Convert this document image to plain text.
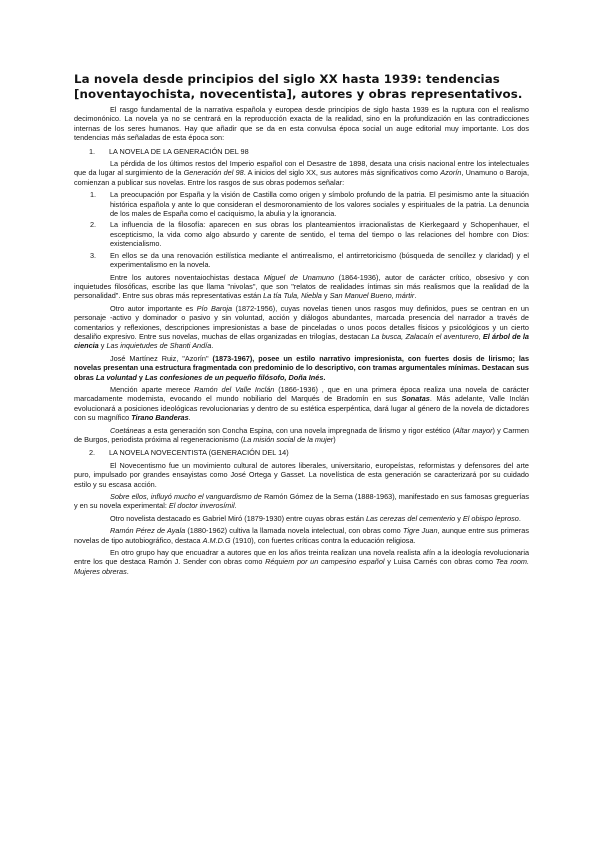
La novela desde principios del siglo XX hasta 1939: tendencias [noventayochista, novecentista], autores y obras representativos.

El rasgo fundamental de la narrativa española y europea desde principios de siglo hasta 1939 es la ruptura con el realismo decimonónico. La novela ya no se centrará en la reproducción exacta de la realidad, sino en la profundización en las contradicciones internas de los seres humanos. Hay que añadir que se da en esta convulsa época social un auge editorial muy importante. Los dos tendencias más señaladas de esta época son:

1. LA NOVELA DE LA GENERACIÓN DEL 98

La pérdida de los últimos restos del Imperio español con el Desastre de 1898, desata una crisis nacional entre los intelectuales que da lugar al surgimiento de la Generación del 98. A inicios del siglo XX, sus autores más significativos como Azorín, Unamuno o Baroja, comienzan a publicar sus novelas. Entre los rasgos de sus obras podemos señalar:

1. La preocupación por España y la visión de Castilla como origen y símbolo profundo de la patria. El pesimismo ante la situación histórica española y ante lo que consideran el desmoronamiento de los valores sociales y espirituales de la patria. La denuncia de los males de España como el caciquismo, la abulia y la ignorancia.
2. La influencia de la filosofía: aparecen en sus obras los planteamientos irracionalistas de Kierkegaard y Schopenhauer, el escepticismo, la vida como algo absurdo y carente de sentido, el tema del tiempo o las relaciones del hombre con Dios: existencialismo.
3. En ellos se da una renovación estilística mediante el antirrealismo, el antirretoricismo (búsqueda de sencillez y claridad) y el experimentalismo en la novela.

Entre los autores noventaiochistas destaca Miguel de Unamuno (1864-1936), autor de carácter crítico, obsesivo y con inquietudes filosóficas, escribe las que llama "nivolas", que son "relatos de realidades íntimas sin más realismos que la realidad de la personalidad". Entre sus obras más representativas están La tía Tula, Niebla y San Manuel Bueno, mártir.

Otro autor importante es Pío Baroja (1872-1956), cuyas novelas tienen unos rasgos muy definidos, pues se centran en un personaje -activo y dominador o pasivo y sin voluntad, acción y diálogos abundantes, marcada presencia del narrador a través de comentarios y reflexiones, descripciones impresionistas a base de pinceladas o unos pocos detalles físicos y psicológicos y un cierto desaliño expresivo. Entre sus novelas, muchas de ellas organizadas en trilogías, destacan La busca, Zalacaín el aventurero, El árbol de la ciencia y Las inquietudes de Shanti Andía.

José Martínez Ruiz, "Azorín" (1873-1967), posee un estilo narrativo impresionista, con fuertes dosis de lirismo; las novelas presentan una estructura fragmentada con predominio de lo descriptivo, con tramas argumentales mínimas. Destacan sus obras La voluntad y Las confesiones de un pequeño filósofo, Doña Inés.

Mención aparte merece Ramón del Valle Inclán (1866-1936) , que en una primera época realiza una novela de carácter marcadamente modernista, evocando el mundo nobiliario del Marqués de Bradomín en sus Sonatas. Más adelante, Valle Inclán evolucionará a posiciones ideológicas revolucionarias y dentro de su estética esperpéntica, dará lugar al género de la novela de dictadores con su magnífico Tirano Banderas.

Coetáneas a esta generación son Concha Espina, con una novela impregnada de lirismo y rigor estético (Altar mayor) y Carmen de Burgos, periodista próxima al regeneracionismo (La misión social de la mujer)

2. LA NOVELA NOVECENTISTA (GENERACIÓN DEL 14)

El Novecentismo fue un movimiento cultural de autores liberales, universitario, europeístas, reformistas y defensores del arte puro, impulsado por grandes ensayistas como José Ortega y Gasset. La novelística de esta generación se caracterizará por su cuidado estilo y su escasa acción.

Sobre ellos, influyó mucho el vanguardismo de Ramón Gómez de la Serna (1888-1963), manifestado en sus famosas greguerías y en su novela experimental: El doctor inverosímil.

Otro novelista destacado es Gabriel Miró (1879-1930) entre cuyas obras están Las cerezas del cementerio y El obispo leproso.

Ramón Pérez de Ayala (1880-1962) cultiva la llamada novela intelectual, con obras como Tigre Juan, aunque entre sus primeras novelas de tipo autobiográfico, destaca A.M.D.G (1910), con fuertes críticas contra la educación religiosa.

En otro grupo hay que encuadrar a autores que en los años treinta realizan una novela realista afín a la ideología revolucionaria entre los que destaca Ramón J. Sender con obras como Réquiem por un campesino español y Luisa Carnés con obras como Tea room. Mujeres obreras.
